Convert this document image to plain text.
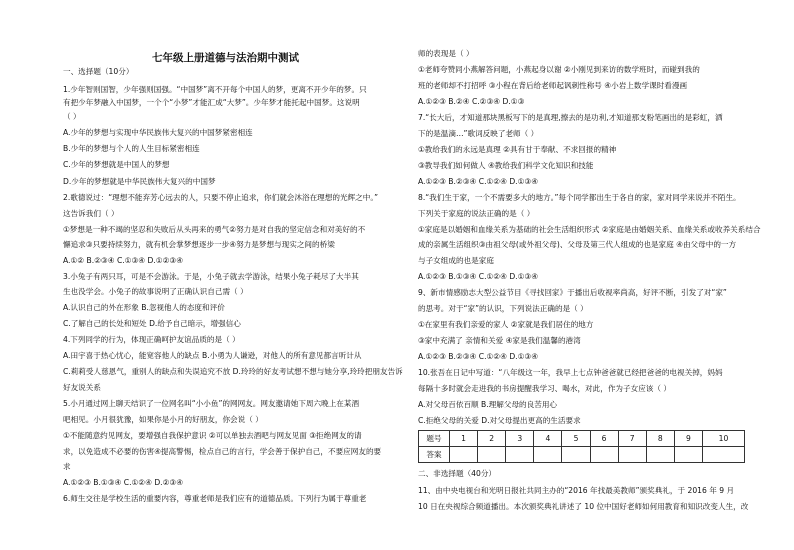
七年级上册道德与法治期中测试
一、选择题（10分）
1.少年智则国智，少年强则国强。“中国梦”离不开每个中国人的梦，更离不开少年的梦。只
有把少年梦融入中国梦，一个个“小梦”才能汇成“大梦”。少年梦才能托起中国梦。这说明
（ ）
A.少年的梦想与实现中华民族伟大复兴的中国梦紧密相连
B.少年的梦想与个人的人生目标紧密相连
C.少年的梦想就是中国人的梦想
D.少年的梦想就是中华民族伟大复兴的中国梦
2.歌德说过：“理想不能弃芳心远去的人，只要不停止追求，你们就会沐浴在理想的光辉之中。”
这告诉我们（ ）
①梦想是一种不竭的坚忍和失败后从头再来的勇气②努力是对自我的坚定信念和对美好的不
懈追求③只要持续努力，就有机会掌梦想逐步一步④努力是梦想与现实之间的桥梁
A.①② B.②③④ C.①③④ D.①②③④
3.小兔子有两只耳，可是不会游泳。于是，小兔子就去学游泳，结果小兔子耗尽了大半其
生也没学会。小兔子的故事说明了正确认识自己需（ ）
A.认识自己的外在形象 B.忽视他人的态度和评价
C.了解自己的长处和短处 D.给予自己暗示，增强信心
4.下列同学的行为，体现正确呵护友谊品质的是（ ）
A.田宇喜于热心忧心，能宽容他人的缺点 B.小勇为人谦逊，对他人的所有意见都言听计从
C.莉莉受人慈恩气，重别人的缺点和失误追究不放 D.玲玲的好友考试想不想与她分享,玲玲把朋友告诉
好友说关系
5.小月通过网上聊天结识了一位网名叫“小小鱼”的网网友。网友邀请她下周六晚上在某酒
吧相见。小月很犹豫，如果你是小月的好朋友，你会说（ ）
①不能随意约见网友，要增强自我保护意识 ②可以单独去酒吧与网友见面 ③拒绝网友的请
求，以免造成不必要的伤害④提高警惕，检点自己的言行，学会善于保护自己，不要应网友的要
求
A.①②③ B.①③④ C.①②④ D.②③④
6.师生交往是学校生活的重要内容，尊重老师是我们应有的道德品质。下列行为属于尊重老
师的表现是（ ）
①老师夸赞同小燕解答问题，小燕起身以谢 ②小刚见到来访的数学班时，而碰到我的
班的老师却不打招呼 ③小程在背后给老师起讽刺性称号 ④小岩上数学课时看漫画
A.①②③ B.②④ C.②③④ D.①③
7.“长大后，才知道那块黑板写下的是真理,擦去的是功利,才知道那支粉笔画出的是彩虹，洒
下的是温滴…”歌词反映了老师（ ）
①教给我们的永远是真理 ②具有甘于奉献、不求回报的精神
③教导我们如何做人 ④教给我们科学文化知识和技能
A.①②③ B.②③④ C.①②④ D.①③④
8.“我们生于家，一个不需要多大的地方。”每个同学都出生于各自的家，家对同学来说并不陌生。
下列关于家庭的说法正确的是（ ）
①家庭是以婚姻和血缘关系为基础的社会生活组织形式 ②家庭是由婚姻关系、血缘关系或收养关系结合
成的亲属生活组织③由祖父母(或外祖父母)、父母及第三代人组成的也是家庭 ④由父母中的一方
与子女组成的也是家庭
A.①②③ B.①③④ C.①②④ D.①③④
9、新市情感励志大型公益节目《寻找回家》于播出后收视率尚高，好评不断，引发了对“家”
的思考。对于“家”的认识，下列说法正确的是（ ）
①在家里有我们亲爱的家人 ②家就是我们居住的地方
③家中充满了 亲情和关爱 ④家是我们温馨的港湾
A.①②③ B.②③④ C.①②④ D.①③④
10.张吾在日记中写道：“八年级这一年，我早上七点钟爸爸就已经把爸爸的电视关掉，妈妈
每隔十多时就会走进我的书房提醒我学习、喝水，对此，作为子女应该（ ）
A.对父母百依百顺 B.理解父母的良苦用心
C.拒绝父母的关爱 D.对父母提出更高的生活要求
题号	1	2	3	4	5	6	7	8	9	10
答案										
二、非选择题（40分）
11、由中央电视台和光明日报社共同主办的“2016 年找最美教师”颁奖典礼，于 2016 年 9 月
10 日在央视综合频道播出。本次颁奖典礼讲述了 10 位中国好老师如何用教育和知识改变人生，改
